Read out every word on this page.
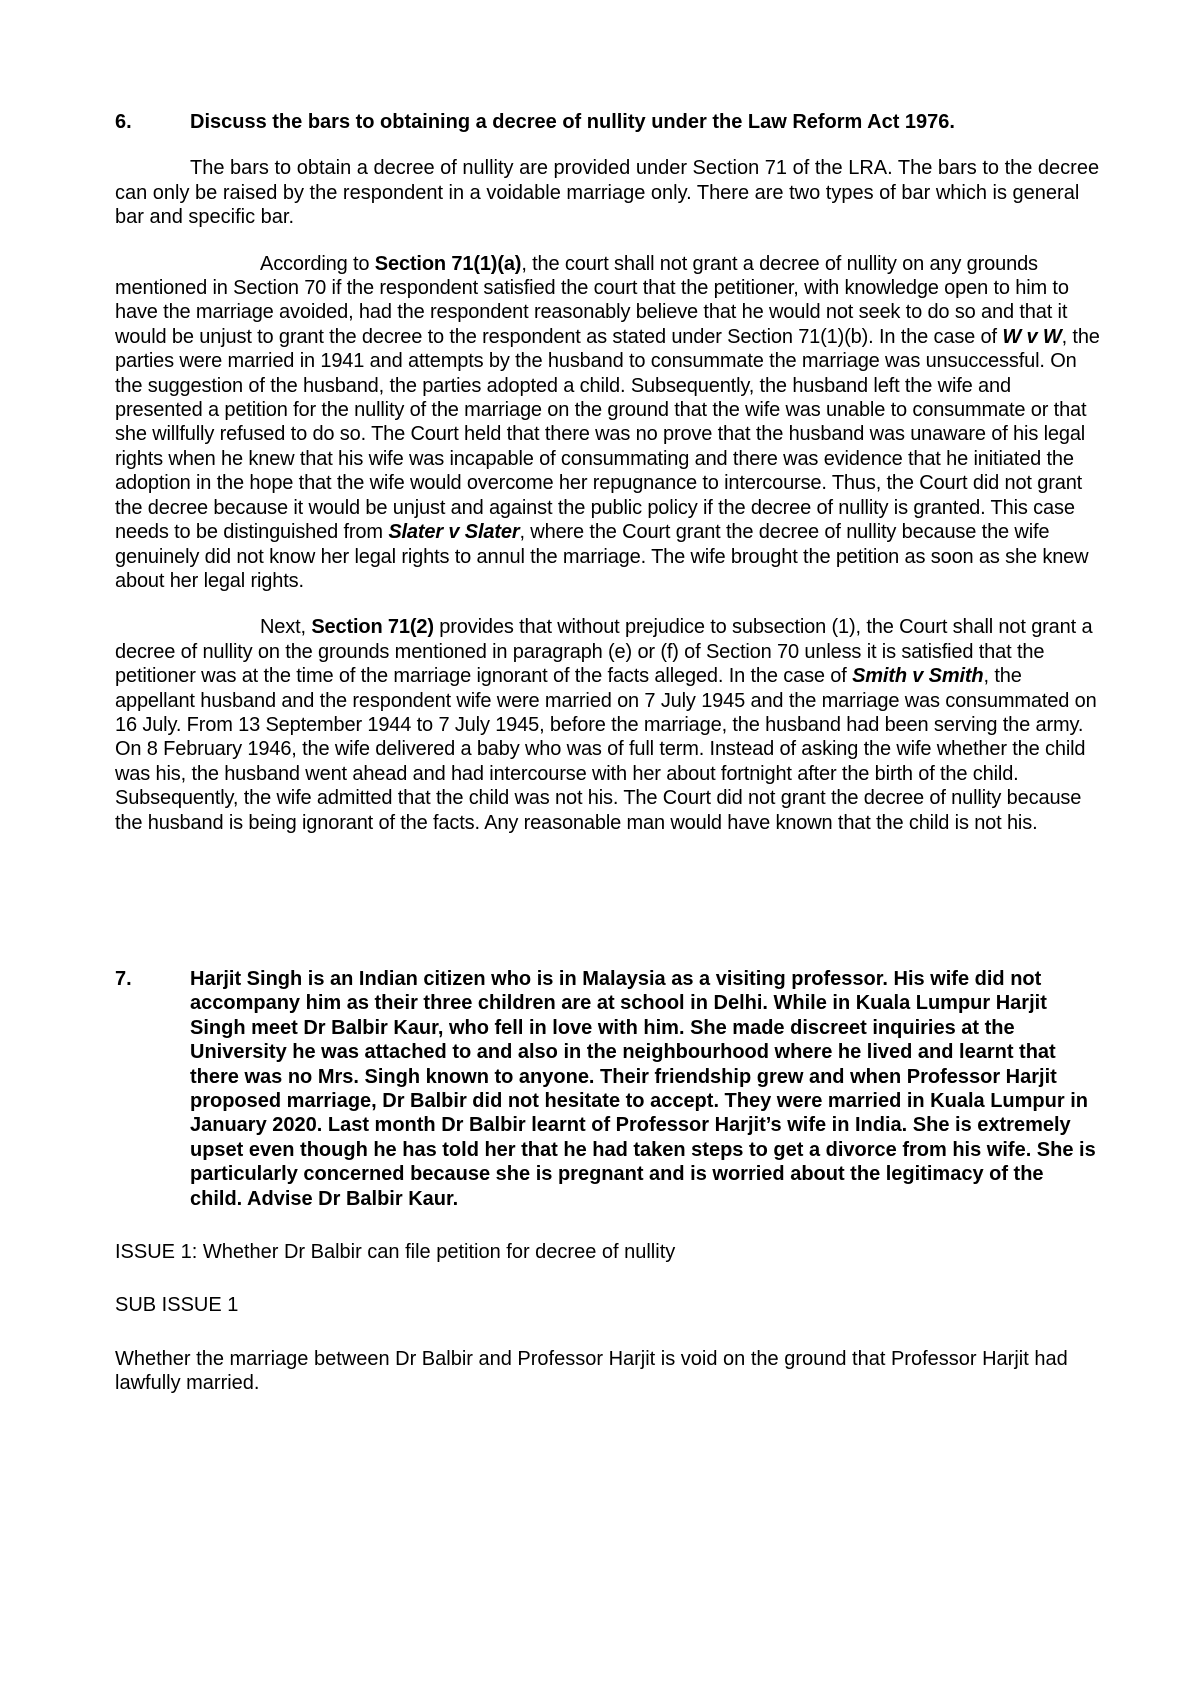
6.	Discuss the bars to obtaining a decree of nullity under the Law Reform Act 1976.

The bars to obtain a decree of nullity are provided under Section 71 of the LRA. The bars to the decree can only be raised by the respondent in a voidable marriage only. There are two types of bar which is general bar and specific bar.

According to Section 71(1)(a), the court shall not grant a decree of nullity on any grounds mentioned in Section 70 if the respondent satisfied the court that the petitioner, with knowledge open to him to have the marriage avoided, had the respondent reasonably believe that he would not seek to do so and that it would be unjust to grant the decree to the respondent as stated under Section 71(1)(b). In the case of W v W, the parties were married in 1941 and attempts by the husband to consummate the marriage was unsuccessful. On the suggestion of the husband, the parties adopted a child. Subsequently, the husband left the wife and presented a petition for the nullity of the marriage on the ground that the wife was unable to consummate or that she willfully refused to do so. The Court held that there was no prove that the husband was unaware of his legal rights when he knew that his wife was incapable of consummating and there was evidence that he initiated the adoption in the hope that the wife would overcome her repugnance to intercourse. Thus, the Court did not grant the decree because it would be unjust and against the public policy if the decree of nullity is granted. This case needs to be distinguished from Slater v Slater, where the Court grant the decree of nullity because the wife genuinely did not know her legal rights to annul the marriage. The wife brought the petition as soon as she knew about her legal rights.

Next, Section 71(2) provides that without prejudice to subsection (1), the Court shall not grant a decree of nullity on the grounds mentioned in paragraph (e) or (f) of Section 70 unless it is satisfied that the petitioner was at the time of the marriage ignorant of the facts alleged. In the case of Smith v Smith, the appellant husband and the respondent wife were married on 7 July 1945 and the marriage was consummated on 16 July. From 13 September 1944 to 7 July 1945, before the marriage, the husband had been serving the army. On 8 February 1946, the wife delivered a baby who was of full term. Instead of asking the wife whether the child was his, the husband went ahead and had intercourse with her about fortnight after the birth of the child. Subsequently, the wife admitted that the child was not his. The Court did not grant the decree of nullity because the husband is being ignorant of the facts. Any reasonable man would have known that the child is not his.

7.	Harjit Singh is an Indian citizen who is in Malaysia as a visiting professor. His wife did not accompany him as their three children are at school in Delhi. While in Kuala Lumpur Harjit Singh meet Dr Balbir Kaur, who fell in love with him. She made discreet inquiries at the University he was attached to and also in the neighbourhood where he lived and learnt that there was no Mrs. Singh known to anyone. Their friendship grew and when Professor Harjit proposed marriage, Dr Balbir did not hesitate to accept. They were married in Kuala Lumpur in January 2020. Last month Dr Balbir learnt of Professor Harjit’s wife in India. She is extremely upset even though he has told her that he had taken steps to get a divorce from his wife. She is particularly concerned because she is pregnant and is worried about the legitimacy of the child. Advise Dr Balbir Kaur.

ISSUE 1: Whether Dr Balbir can file petition for decree of nullity

SUB ISSUE 1

Whether the marriage between Dr Balbir and Professor Harjit is void on the ground that Professor Harjit had lawfully married.
